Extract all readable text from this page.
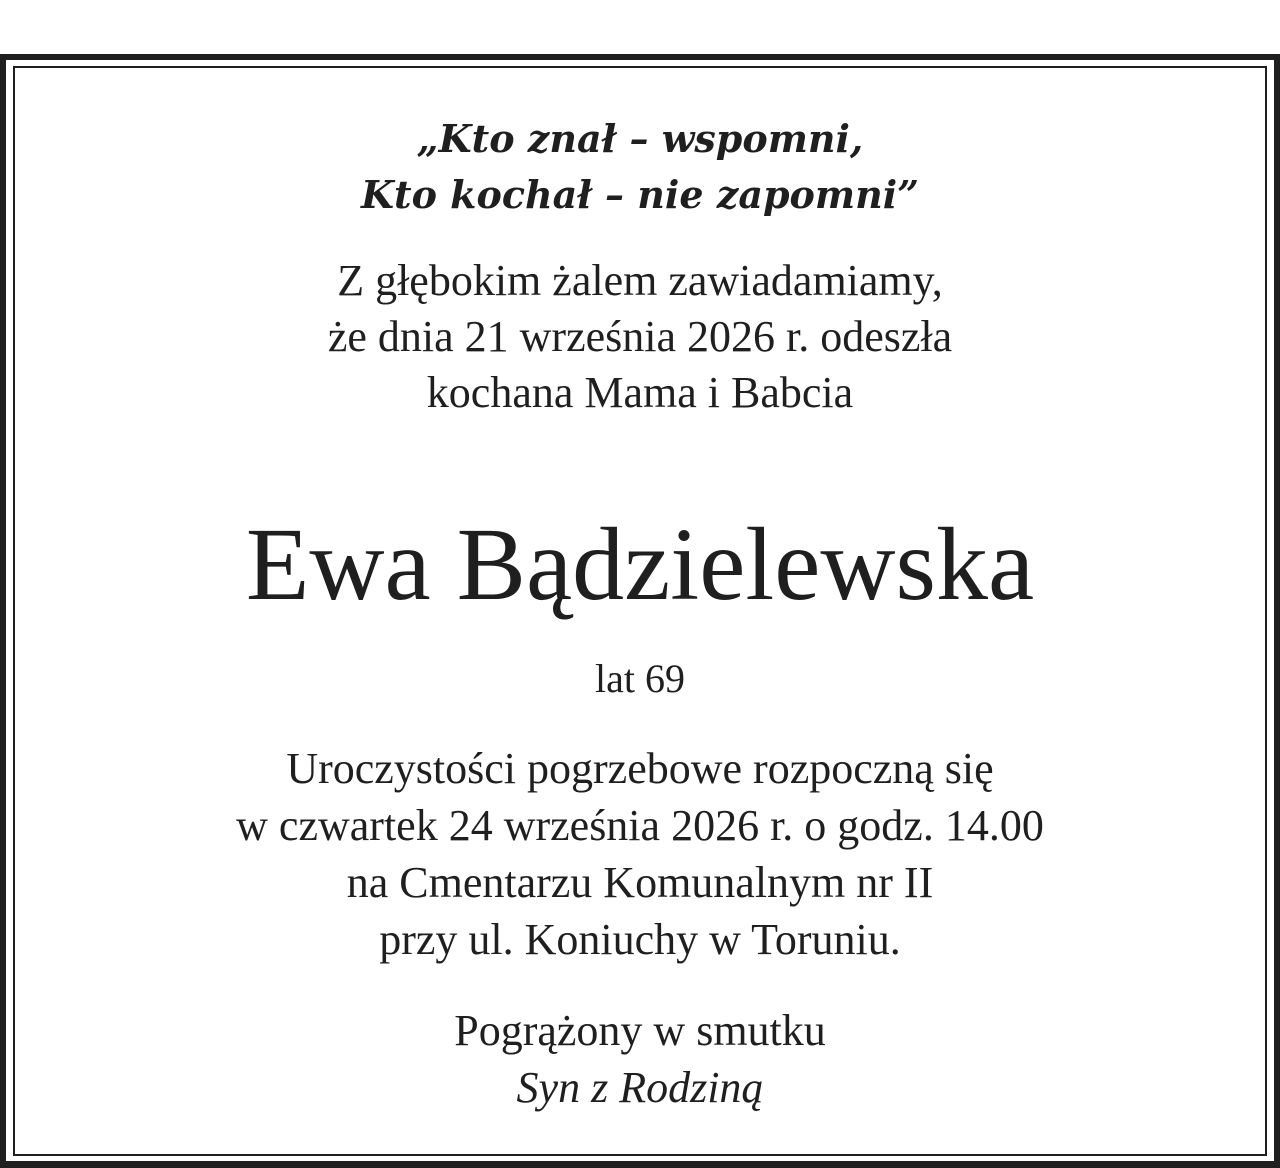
„Kto znał – wspomni,
Kto kochał – nie zapomni”
Z głębokim żalem zawiadamiamy,
że dnia 21 września 2026 r. odeszła
kochana Mama i Babcia
Ewa Bądzielewska
lat 69
Uroczystości pogrzebowe rozpoczną się
w czwartek 24 września 2026 r. o godz. 14.00
na Cmentarzu Komunalnym nr II
przy ul. Koniuchy w Toruniu.
Pogrążony w smutku
Syn z Rodziną
